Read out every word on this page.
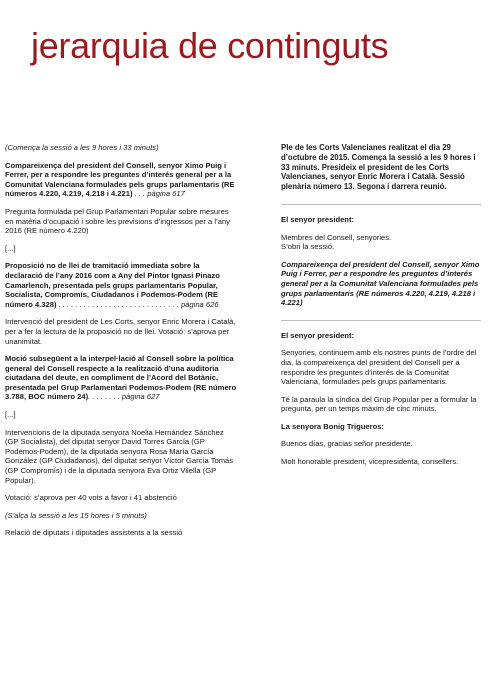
jerarquia de continguts

(Comença la sessió a les 9 hores i 33 minuts)

Compareixença del president del Consell, senyor Ximo Puig i Ferrer, per a respondre les preguntes d’interés general per a la Comunitat Valenciana formulades pels grups parlamentaris (RE números 4.220, 4.219, 4.218 i 4.221) . . . pàgina 617

Pregunta formulada pel Grup Parlamentari Popular sobre mesures en matèria d’ocupació i sobre les previsions d’ingressos per a l’any 2016 (RE número 4.220)

[...]

Proposició no de llei de tramitació immediata sobre la declaració de l’any 2016 com a Any del Pintor Ignasi Pinazo Camarlench, presentada pels grups parlamentaris Popular, Socialista, Compromís, Ciudadanos i Podemos-Podem (RE número 4.328) . . . . . . . . . . . . . . . . . . . . . . . . . . . . . pàgina 626

Intervenció del president de Les Corts, senyor Enric Morera i Català, per a fer la lectura de la proposició no de llei. Votació: s’aprova per unanimitat.

Moció subsegüent a la interpel·lació al Consell sobre la política general del Consell respecte a la realització d’una auditoria ciutadana del deute, en compliment de l’Acord del Botànic, presentada pel Grup Parlamentari Podemos-Podem (RE número 3.788, BOC número 24). . . . . . . . pàgina 627

[...]

Intervencions de la diputada senyora Noelia Hernández Sánchez (GP Socialista), del diputat senyor David Torres García (GP Podemos-Podem), de la diputada senyora Rosa María García González (GP Ciudadanos), del diputat senyor Víctor García Tomás (GP Compromís) i de la diputada senyora Eva Ortiz Vilella (GP Popular).

Votació: s’aprova per 40 vots a favor i 41 abstenció

(S’alça la sessió a les 15 hores i 5 minuts)

Relació de diputats i diputades assistents a la sessió

Ple de les Corts Valencianes realitzat el dia 29 d’octubre de 2015. Comença la sessió a les 9 hores i 33 minuts. Presideix el president de les Corts Valencianes, senyor Enric Morera i Català. Sessió plenària número 13. Segona i darrera reunió.

El senyor president:

Membres del Consell, senyories.
S’obri la sessió.

Compareixença del president del Consell, senyor Ximo Puig i Ferrer, per a respondre les preguntes d’interés general per a la Comunitat Valenciana formulades pels grups parlamentaris (RE números 4.220, 4.219, 4.218 i 4.221)

El senyor president:

Senyories, continuem amb els nostres punts de l’ordre del dia, la compareixença del president del Consell per a respondre les preguntes d’interés de la Comunitat Valenciana, formulades pels grups parlamentaris.

Té la paraula la síndica del Grup Popular per a formular la pregunta, per un temps màxim de cinc minuts.

La senyora Bonig Trigueros:

Buenos días, gracias señor presidente.

Molt honorable president, vicepresidenta, consellers.
